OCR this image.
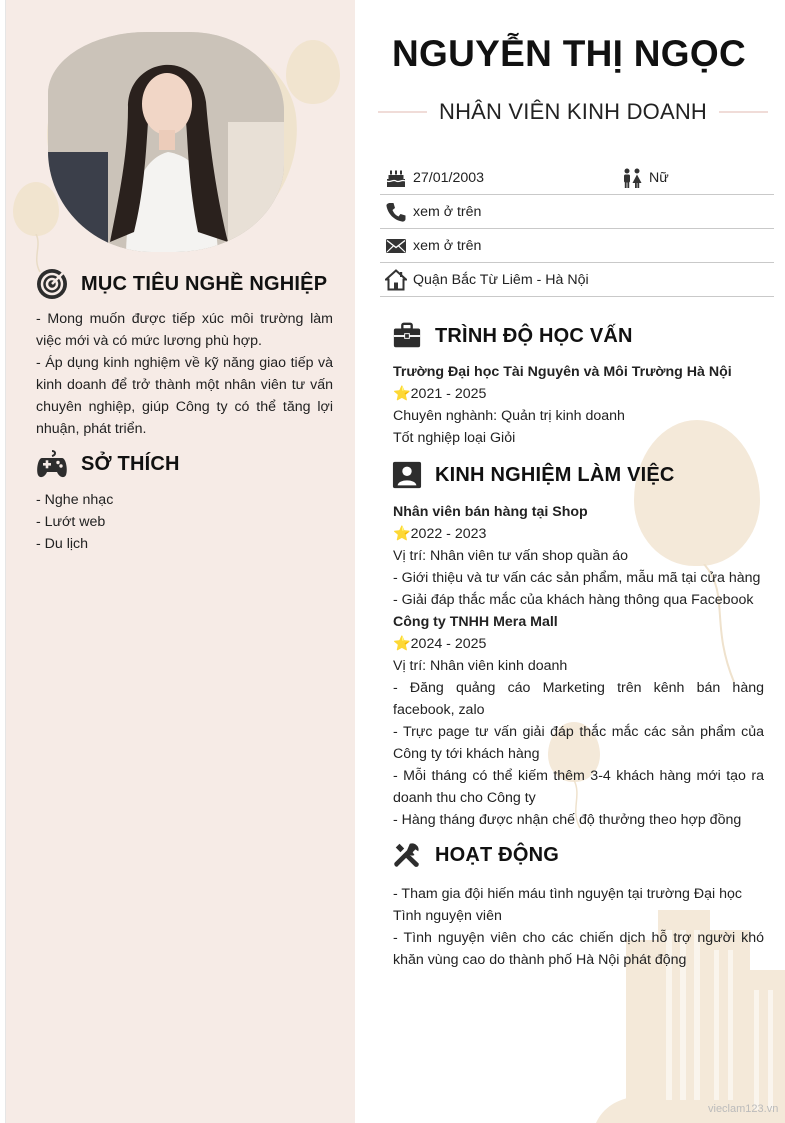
MỤC TIÊU NGHỀ NGHIỆP
- Mong muốn được tiếp xúc môi trường làm
việc mới và có mức lương phù hợp.
- Áp dụng kinh nghiệm về kỹ năng giao tiếp và
kinh doanh để trở thành một nhân viên tư vấn
chuyên nghiệp, giúp Công ty có thể tăng lợi
nhuận, phát triển.
SỞ THÍCH
- Nghe nhạc
- Lướt web
- Du lịch
NGUYỄN THỊ NGỌC
NHÂN VIÊN KINH DOANH
27/01/2003	Nữ
xem ở trên
xem ở trên
Quận Bắc Từ Liêm - Hà Nội
TRÌNH ĐỘ HỌC VẤN
Trường Đại học Tài Nguyên và Môi Trường Hà Nội
⭐2021 - 2025
Chuyên nghành: Quản trị kinh doanh
Tốt nghiệp loại Giỏi
KINH NGHIỆM LÀM VIỆC
Nhân viên bán hàng tại Shop
⭐2022 - 2023
Vị trí: Nhân viên tư vấn shop quần áo
- Giới thiệu và tư vấn các sản phẩm, mẫu mã tại cửa hàng
- Giải đáp thắc mắc của khách hàng thông qua Facebook
Công ty TNHH Mera Mall
⭐2024 - 2025
Vị trí: Nhân viên kinh doanh
- Đăng quảng cáo Marketing trên kênh bán hàng
facebook, zalo
- Trực page tư vấn giải đáp thắc mắc các sản phẩm của
Công ty tới khách hàng
- Mỗi tháng có thể kiếm thêm 3-4 khách hàng mới tạo ra
doanh thu cho Công ty
- Hàng tháng được nhận chế độ thưởng theo hợp đồng
HOẠT ĐỘNG
- Tham gia đội hiến máu tình nguyện tại trường Đại học
Tình nguyện viên
- Tình nguyện viên cho các chiến dịch hỗ trợ người khó
khăn vùng cao do thành phố Hà Nội phát động
vieclam123.vn
